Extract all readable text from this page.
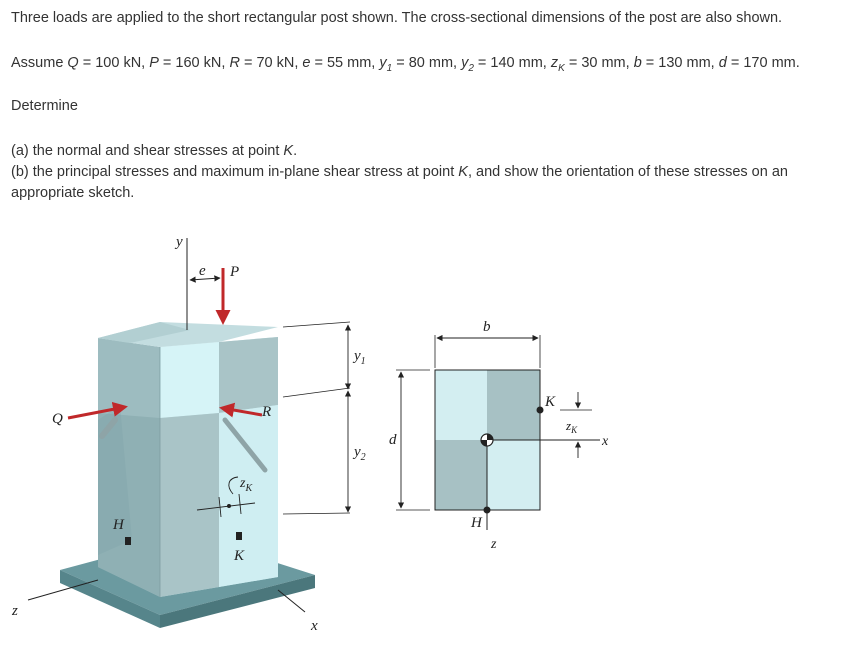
Three loads are applied to the short rectangular post shown. The cross-sectional dimensions of the post are also shown.

Assume Q = 100 kN, P = 160 kN, R = 70 kN, e = 55 mm, $y_1 = 80$ mm, $y_2 = 140$ mm, $z_K = 30$ mm, b = 130 mm, d = 170 mm.

Determine

(a) the normal and shear stresses at point K.

(b) the principal stresses and maximum in-plane shear stress at point K, and show the orientation of these stresses on an appropriate sketch.

y
e P
Q	R
$z_K$
H
K
z
x
$y_1$
$y_2$
b
d
$z_K$
K
H
z
x
